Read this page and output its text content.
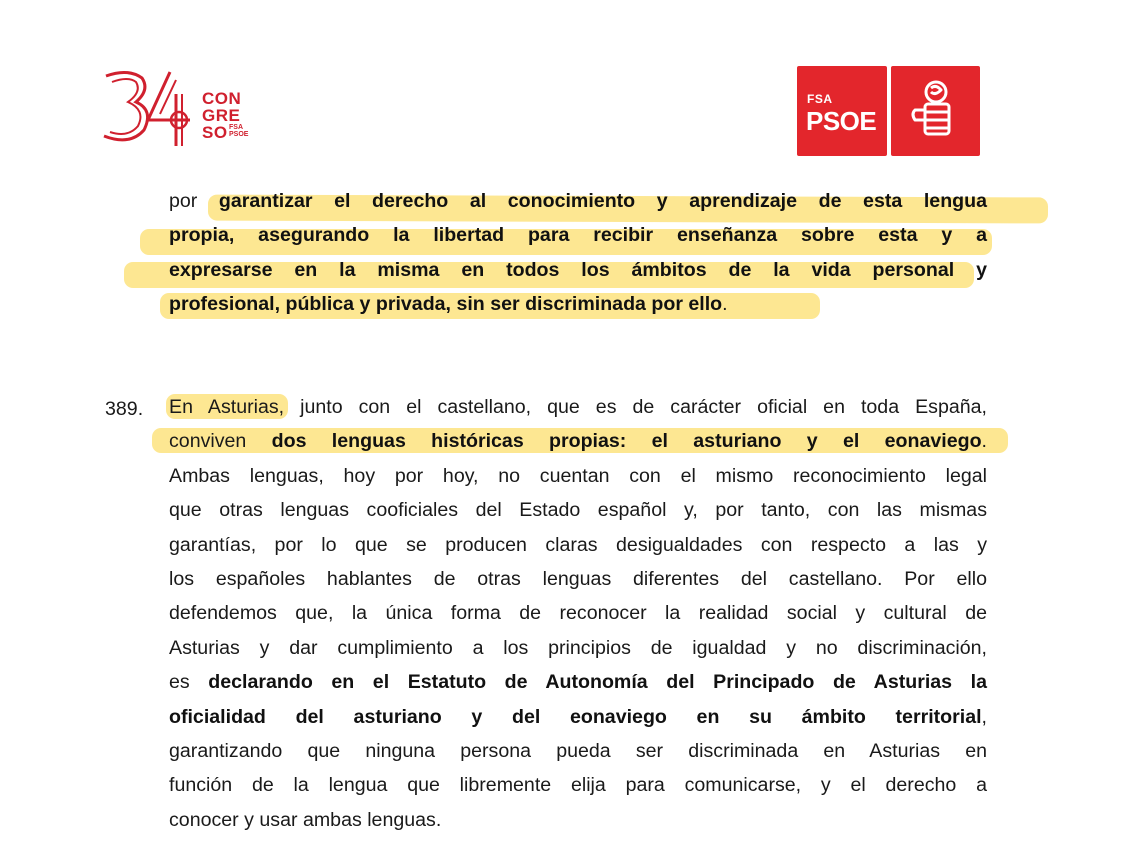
CON
GRE
SO FSA
PSOE
FSA
PSOE
por garantizar el derecho al conocimiento y aprendizaje de esta lengua
propia, asegurando la libertad para recibir enseñanza sobre esta y a
expresarse en la misma en todos los ámbitos de la vida personal y
profesional, pública y privada, sin ser discriminada por ello.
389. En Asturias, junto con el castellano, que es de carácter oficial en toda España,
conviven dos lenguas históricas propias: el asturiano y el eonaviego.
Ambas lenguas, hoy por hoy, no cuentan con el mismo reconocimiento legal
que otras lenguas cooficiales del Estado español y, por tanto, con las mismas
garantías, por lo que se producen claras desigualdades con respecto a las y
los españoles hablantes de otras lenguas diferentes del castellano. Por ello
defendemos que, la única forma de reconocer la realidad social y cultural de
Asturias y dar cumplimiento a los principios de igualdad y no discriminación,
es declarando en el Estatuto de Autonomía del Principado de Asturias la
oficialidad del asturiano y del eonaviego en su ámbito territorial,
garantizando que ninguna persona pueda ser discriminada en Asturias en
función de la lengua que libremente elija para comunicarse, y el derecho a
conocer y usar ambas lenguas.
